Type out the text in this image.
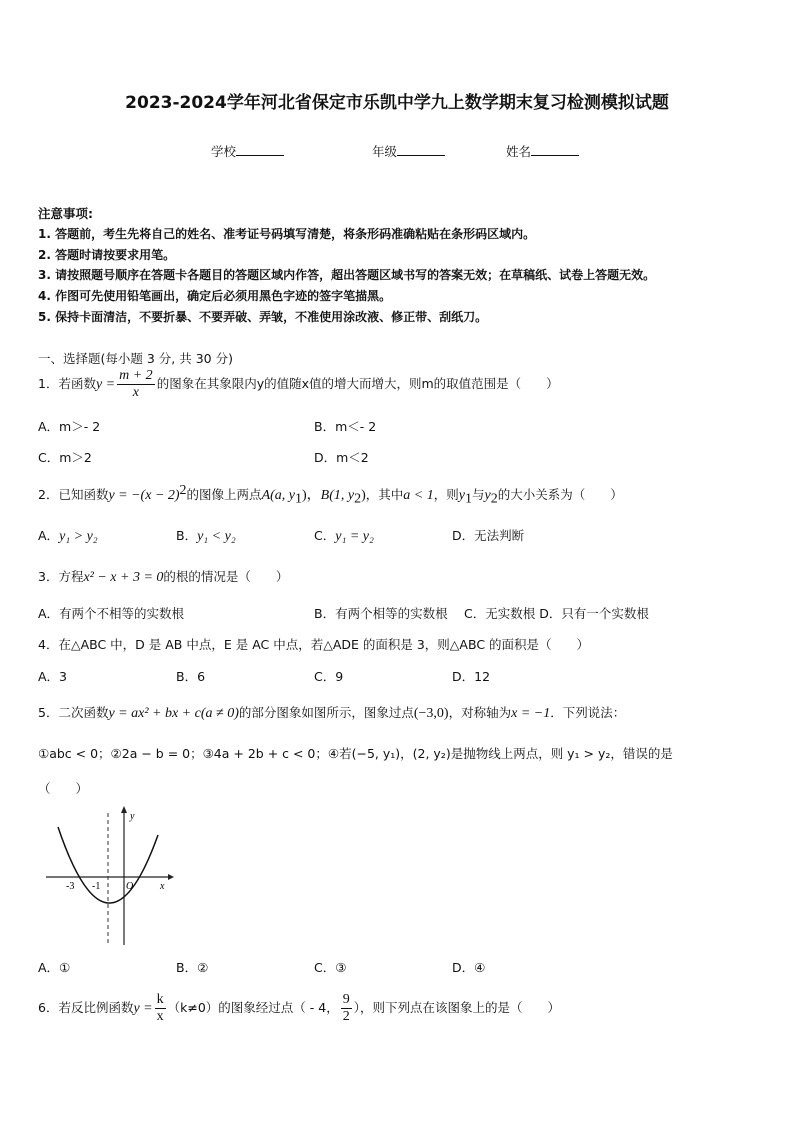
2023-2024学年河北省保定市乐凯中学九上数学期末复习检测模拟试题
学校	年级	姓名
注意事项:
1. 答题前，考生先将自己的姓名、准考证号码填写清楚，将条形码准确粘贴在条形码区域内。
2. 答题时请按要求用笔。
3. 请按照题号顺序在答题卡各题目的答题区域内作答，超出答题区域书写的答案无效；在草稿纸、试卷上答题无效。
4. 作图可先使用铅笔画出，确定后必须用黑色字迹的签字笔描黑。
5. 保持卡面清洁，不要折暴、不要弄破、弄皱，不准使用涂改液、修正带、刮纸刀。
一、选择题(每小题 3 分, 共 30 分)
1．若函数$y = \frac{m + 2}{x}$ 的图象在其象限内y的值随x值的增大而增大，则m的取值范围是（　　）
A．m＞- 2	B．m＜- 2
C．m＞2	D．m＜2
2．已知函数$y = -(x - 2)^2$的图像上两点A(a, $y_1$)，B(1, $y_2$)，其中a < 1，则$y_1$与$y_2$的大小关系为（　　）
A．y₁ > y₂	B．y₁ < y₂	C．y₁ = y₂	D．无法判断
3．方程x² − x + 3 = 0的根的情况是（　　）
A．有两个不相等的实数根	B．有两个相等的实数根　 C．无实数根 D．只有一个实数根
4．在△ABC 中，D 是 AB 中点，E 是 AC 中点，若△ADE 的面积是 3，则△ABC 的面积是（　　）
A．3	B．6	C．9	D．12
5．二次函数y = ax² + bx + c(a ≠ 0)的部分图象如图所示，图象过点(−3,0)，对称轴为x = −1．下列说法：
①abc < 0；②2a − b = 0；③4a + 2b + c < 0；④若(−5, y₁)，(2, y₂)是抛物线上两点，则 y₁ > y₂，错误的是
（　　）
-3 -1	O	x
y
A．①	B．②	C．③	D．④
6．若反比例函数$y = \frac{k}{x} (k\ne 0)$的图象经过点（ - 4， $\frac{9}{2}$ ），则下列点在该图象上的是（　　）
